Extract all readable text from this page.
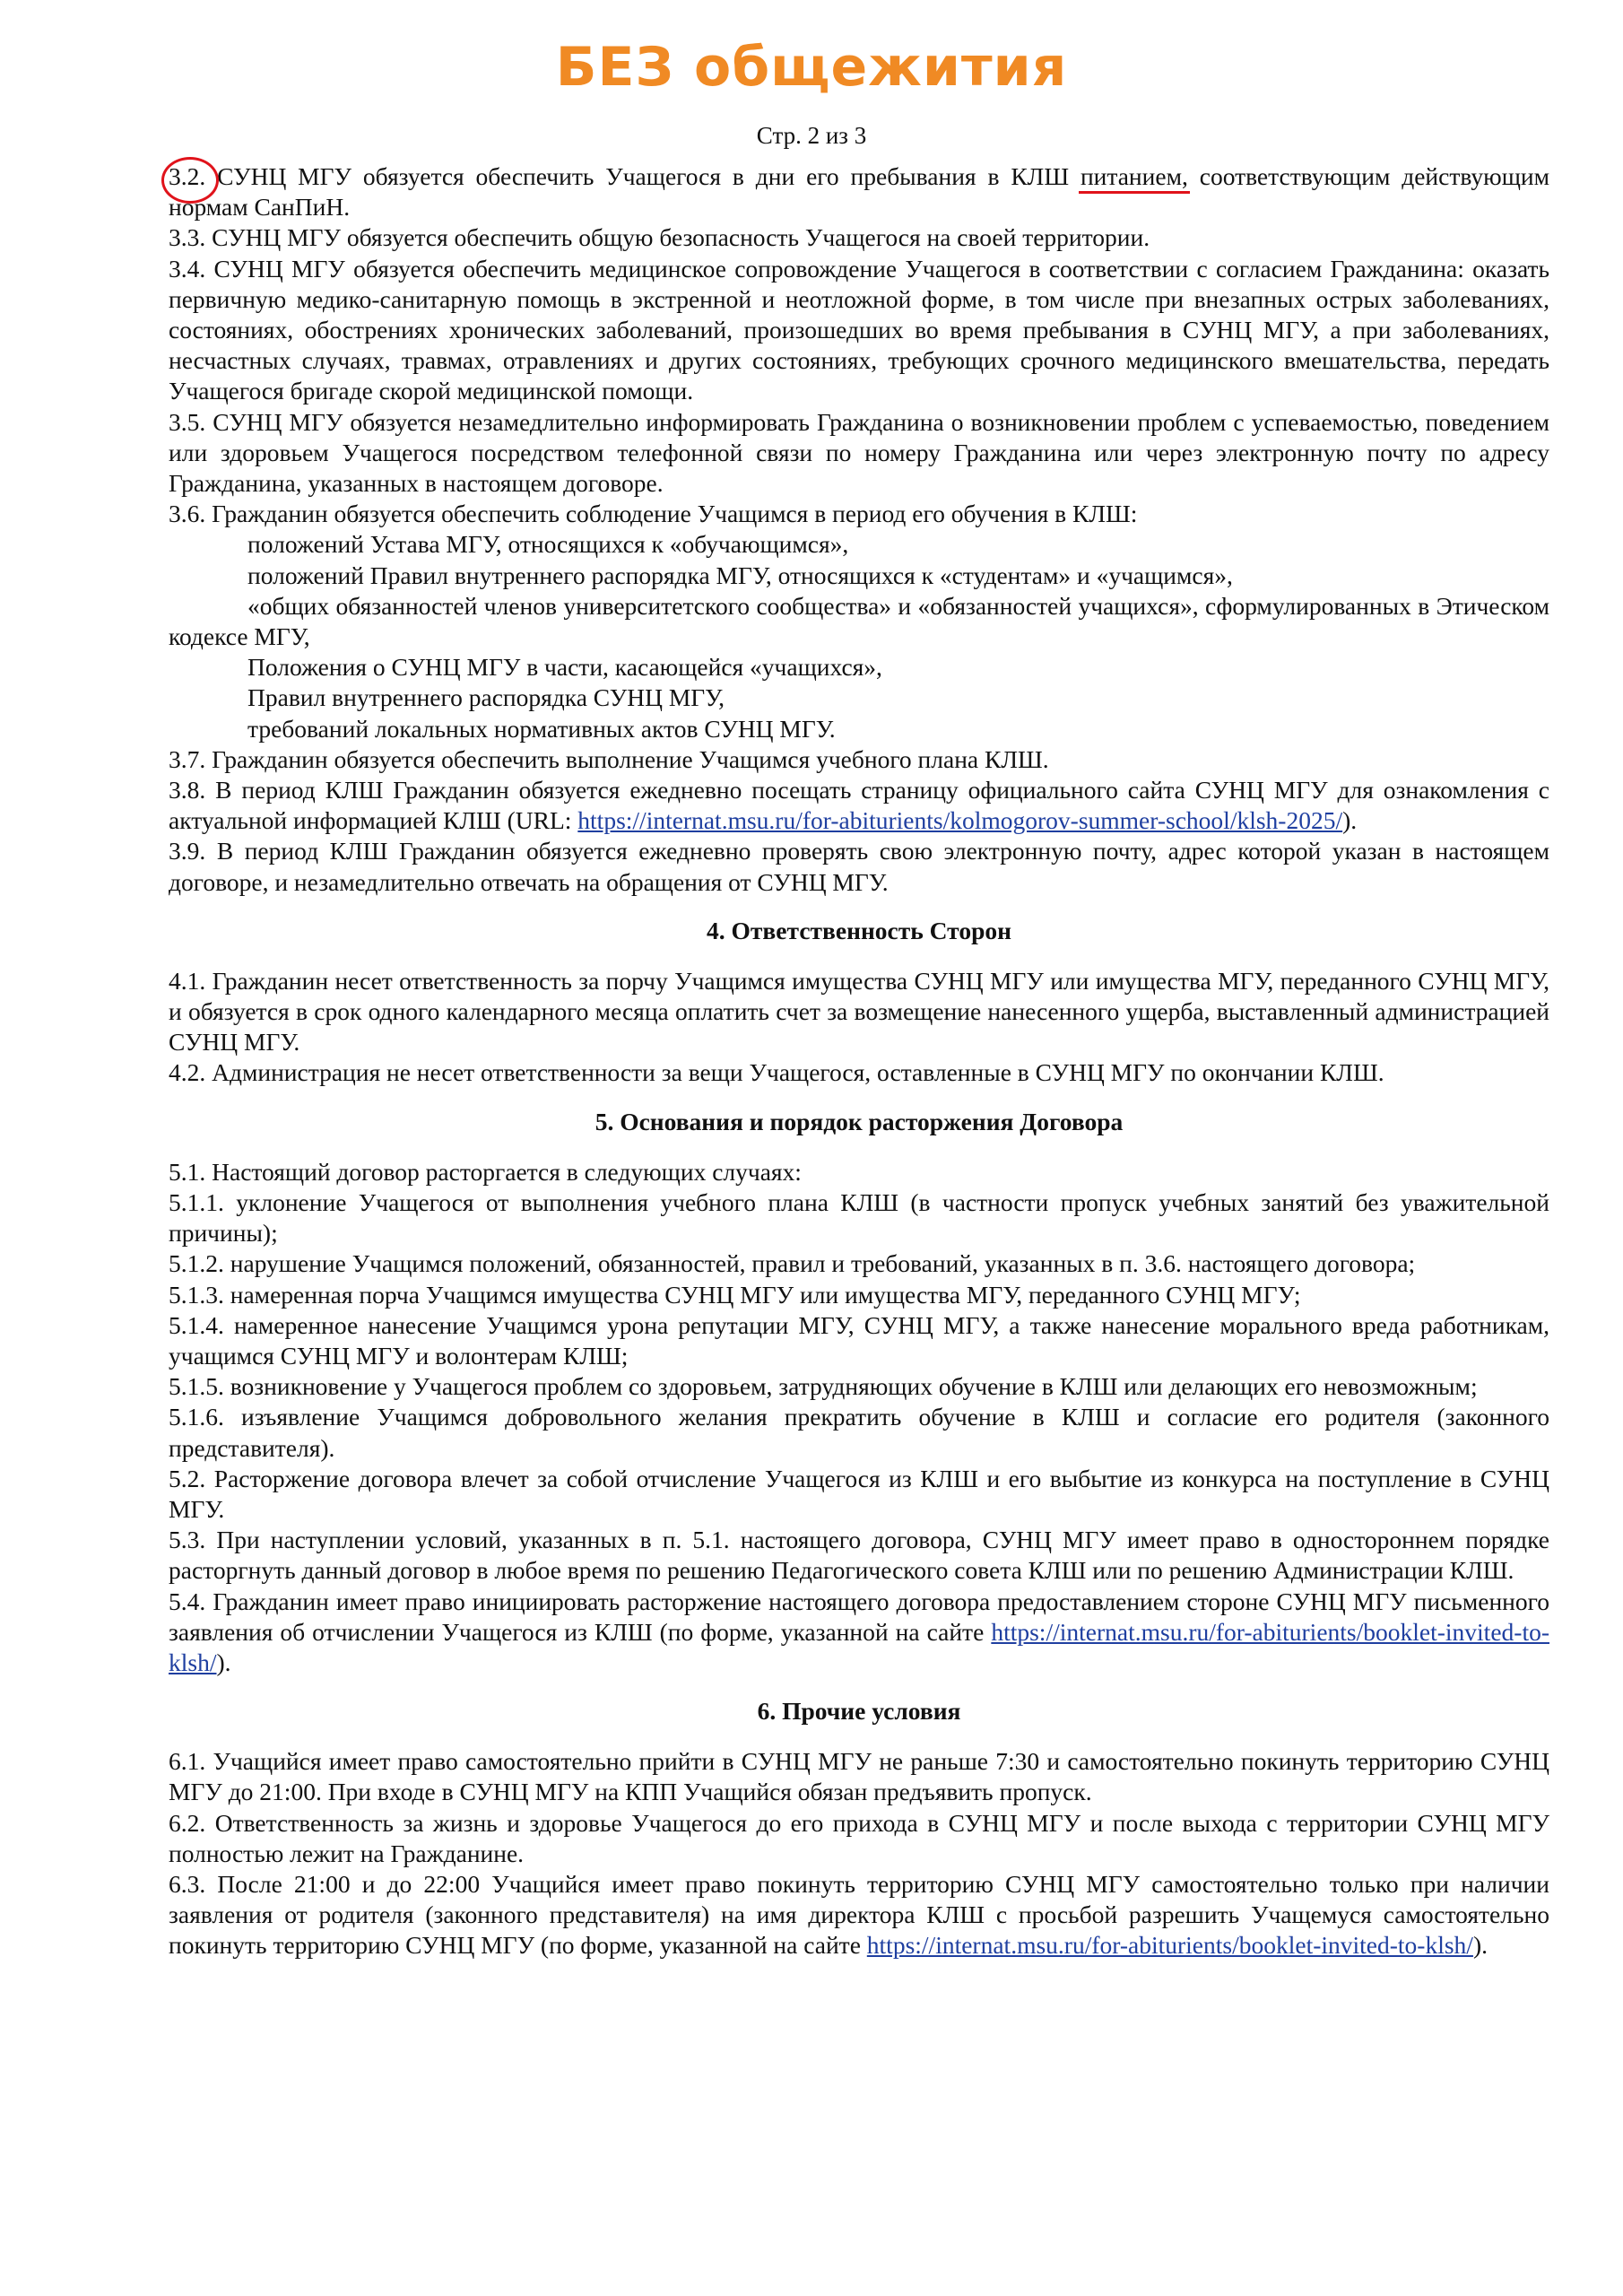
БЕЗ общежития
Стр. 2 из 3

3.2.
СУНЦ МГУ обязуется обеспечить Учащегося в дни его пребывания в КЛШ питанием,
соответствующим действующим нормам СанПиН.

3.3. СУНЦ МГУ обязуется обеспечить общую безопасность Учащегося на своей территории.

3.4. СУНЦ МГУ обязуется обеспечить медицинское сопровождение Учащегося в соответствии с согласием Гражданина: оказать первичную медико-санитарную помощь в экстренной и неотложной форме, в том числе при внезапных острых заболеваниях, состояниях, обострениях хронических заболеваний, произошедших во время пребывания в СУНЦ МГУ, а при заболеваниях, несчастных случаях, травмах, отравлениях и других состояниях, требующих срочного медицинского вмешательства, передать Учащегося бригаде скорой медицинской помощи.

3.5. СУНЦ МГУ обязуется незамедлительно информировать Гражданина о возникновении проблем с успеваемостью, поведением или здоровьем Учащегося посредством телефонной связи по номеру Гражданина или через электронную почту по адресу Гражданина, указанных в настоящем договоре.

3.6. Гражданин обязуется обеспечить соблюдение Учащимся в период его обучения в КЛШ:

положений Устава МГУ, относящихся к «обучающимся»,

положений Правил внутреннего распорядка МГУ, относящихся к «студентам» и «учащимся»,

«общих обязанностей членов университетского сообщества» и «обязанностей учащихся», сформулированных в Этическом кодексе МГУ,

Положения о СУНЦ МГУ в части, касающейся «учащихся»,

Правил внутреннего распорядка СУНЦ МГУ,

требований локальных нормативных актов СУНЦ МГУ.

3.7. Гражданин обязуется обеспечить выполнение Учащимся учебного плана КЛШ.

3.8. В период КЛШ Гражданин обязуется ежедневно посещать страницу официального сайта СУНЦ МГУ для ознакомления с актуальной информацией КЛШ (URL: https://internat.msu.ru/for-abiturients/kolmogorov-summer-school/klsh-2025/).

3.9. В период КЛШ Гражданин обязуется ежедневно проверять свою электронную почту, адрес которой указан в настоящем договоре, и незамедлительно отвечать на обращения от СУНЦ МГУ.

4. Ответственность Сторон

4.1. Гражданин несет ответственность за порчу Учащимся имущества СУНЦ МГУ или имущества МГУ, переданного СУНЦ МГУ, и обязуется в срок одного календарного месяца оплатить счет за возмещение нанесенного ущерба, выставленный администрацией СУНЦ МГУ.

4.2. Администрация не несет ответственности за вещи Учащегося, оставленные в СУНЦ МГУ по окончании КЛШ.

5. Основания и порядок расторжения Договора

5.1. Настоящий договор расторгается в следующих случаях:

5.1.1. уклонение Учащегося от выполнения учебного плана КЛШ (в частности пропуск учебных занятий без уважительной причины);

5.1.2. нарушение Учащимся положений, обязанностей, правил и требований, указанных в п. 3.6. настоящего договора;

5.1.3. намеренная порча Учащимся имущества СУНЦ МГУ или имущества МГУ, переданного СУНЦ МГУ;

5.1.4. намеренное нанесение Учащимся урона репутации МГУ, СУНЦ МГУ, а также нанесение морального вреда работникам, учащимся СУНЦ МГУ и волонтерам КЛШ;

5.1.5. возникновение у Учащегося проблем со здоровьем, затрудняющих обучение в КЛШ или делающих его невозможным;

5.1.6. изъявление Учащимся добровольного желания прекратить обучение в КЛШ и согласие его родителя (законного представителя).

5.2. Расторжение договора влечет за собой отчисление Учащегося из КЛШ и его выбытие из конкурса на поступление в СУНЦ МГУ.

5.3. При наступлении условий, указанных в п. 5.1. настоящего договора, СУНЦ МГУ имеет право в одностороннем порядке расторгнуть данный договор в любое время по решению Педагогического совета КЛШ или по решению Администрации КЛШ.

5.4. Гражданин имеет право инициировать расторжение настоящего договора предоставлением стороне СУНЦ МГУ письменного заявления об отчислении Учащегося из КЛШ (по форме, указанной на сайте https://internat.msu.ru/for-abiturients/booklet-invited-to-klsh/).

6. Прочие условия

6.1. Учащийся имеет право самостоятельно прийти в СУНЦ МГУ не раньше 7:30 и самостоятельно покинуть территорию СУНЦ МГУ до 21:00. При входе в СУНЦ МГУ на КПП Учащийся обязан предъявить пропуск.

6.2. Ответственность за жизнь и здоровье Учащегося до его прихода в СУНЦ МГУ и после выхода с территории СУНЦ МГУ полностью лежит на Гражданине.

6.3. После 21:00 и до 22:00 Учащийся имеет право покинуть территорию СУНЦ МГУ самостоятельно только при наличии заявления от родителя (законного представителя) на имя директора КЛШ с просьбой разрешить Учащемуся самостоятельно покинуть территорию СУНЦ МГУ (по форме, указанной на сайте https://internat.msu.ru/for-abiturients/booklet-invited-to-klsh/).
